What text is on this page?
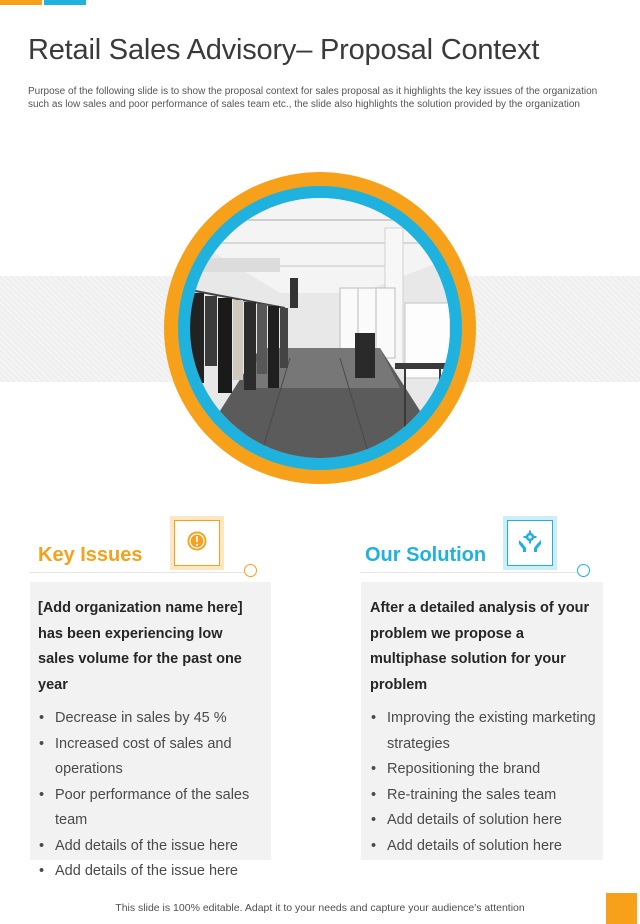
Retail Sales Advisory– Proposal Context

Purpose of the following slide is to show the proposal context for sales proposal as it highlights the key issues of the organization such as low sales and poor performance of sales team etc., the slide also highlights the solution provided by the organization

Key Issues

[Add organization name here] has been experiencing low sales volume for the past one year

• Decrease in sales by 45 %
• Increased cost of sales and operations
• Poor performance of the sales team
• Add details of the issue here
• Add details of the issue here
Our Solution

After a detailed analysis of your problem we propose a multiphase solution for your problem

• Improving the existing marketing strategies
• Repositioning the brand
• Re-training the sales team
• Add details of solution here
• Add details of solution here
This slide is 100% editable. Adapt it to your needs and capture your audience's attention
